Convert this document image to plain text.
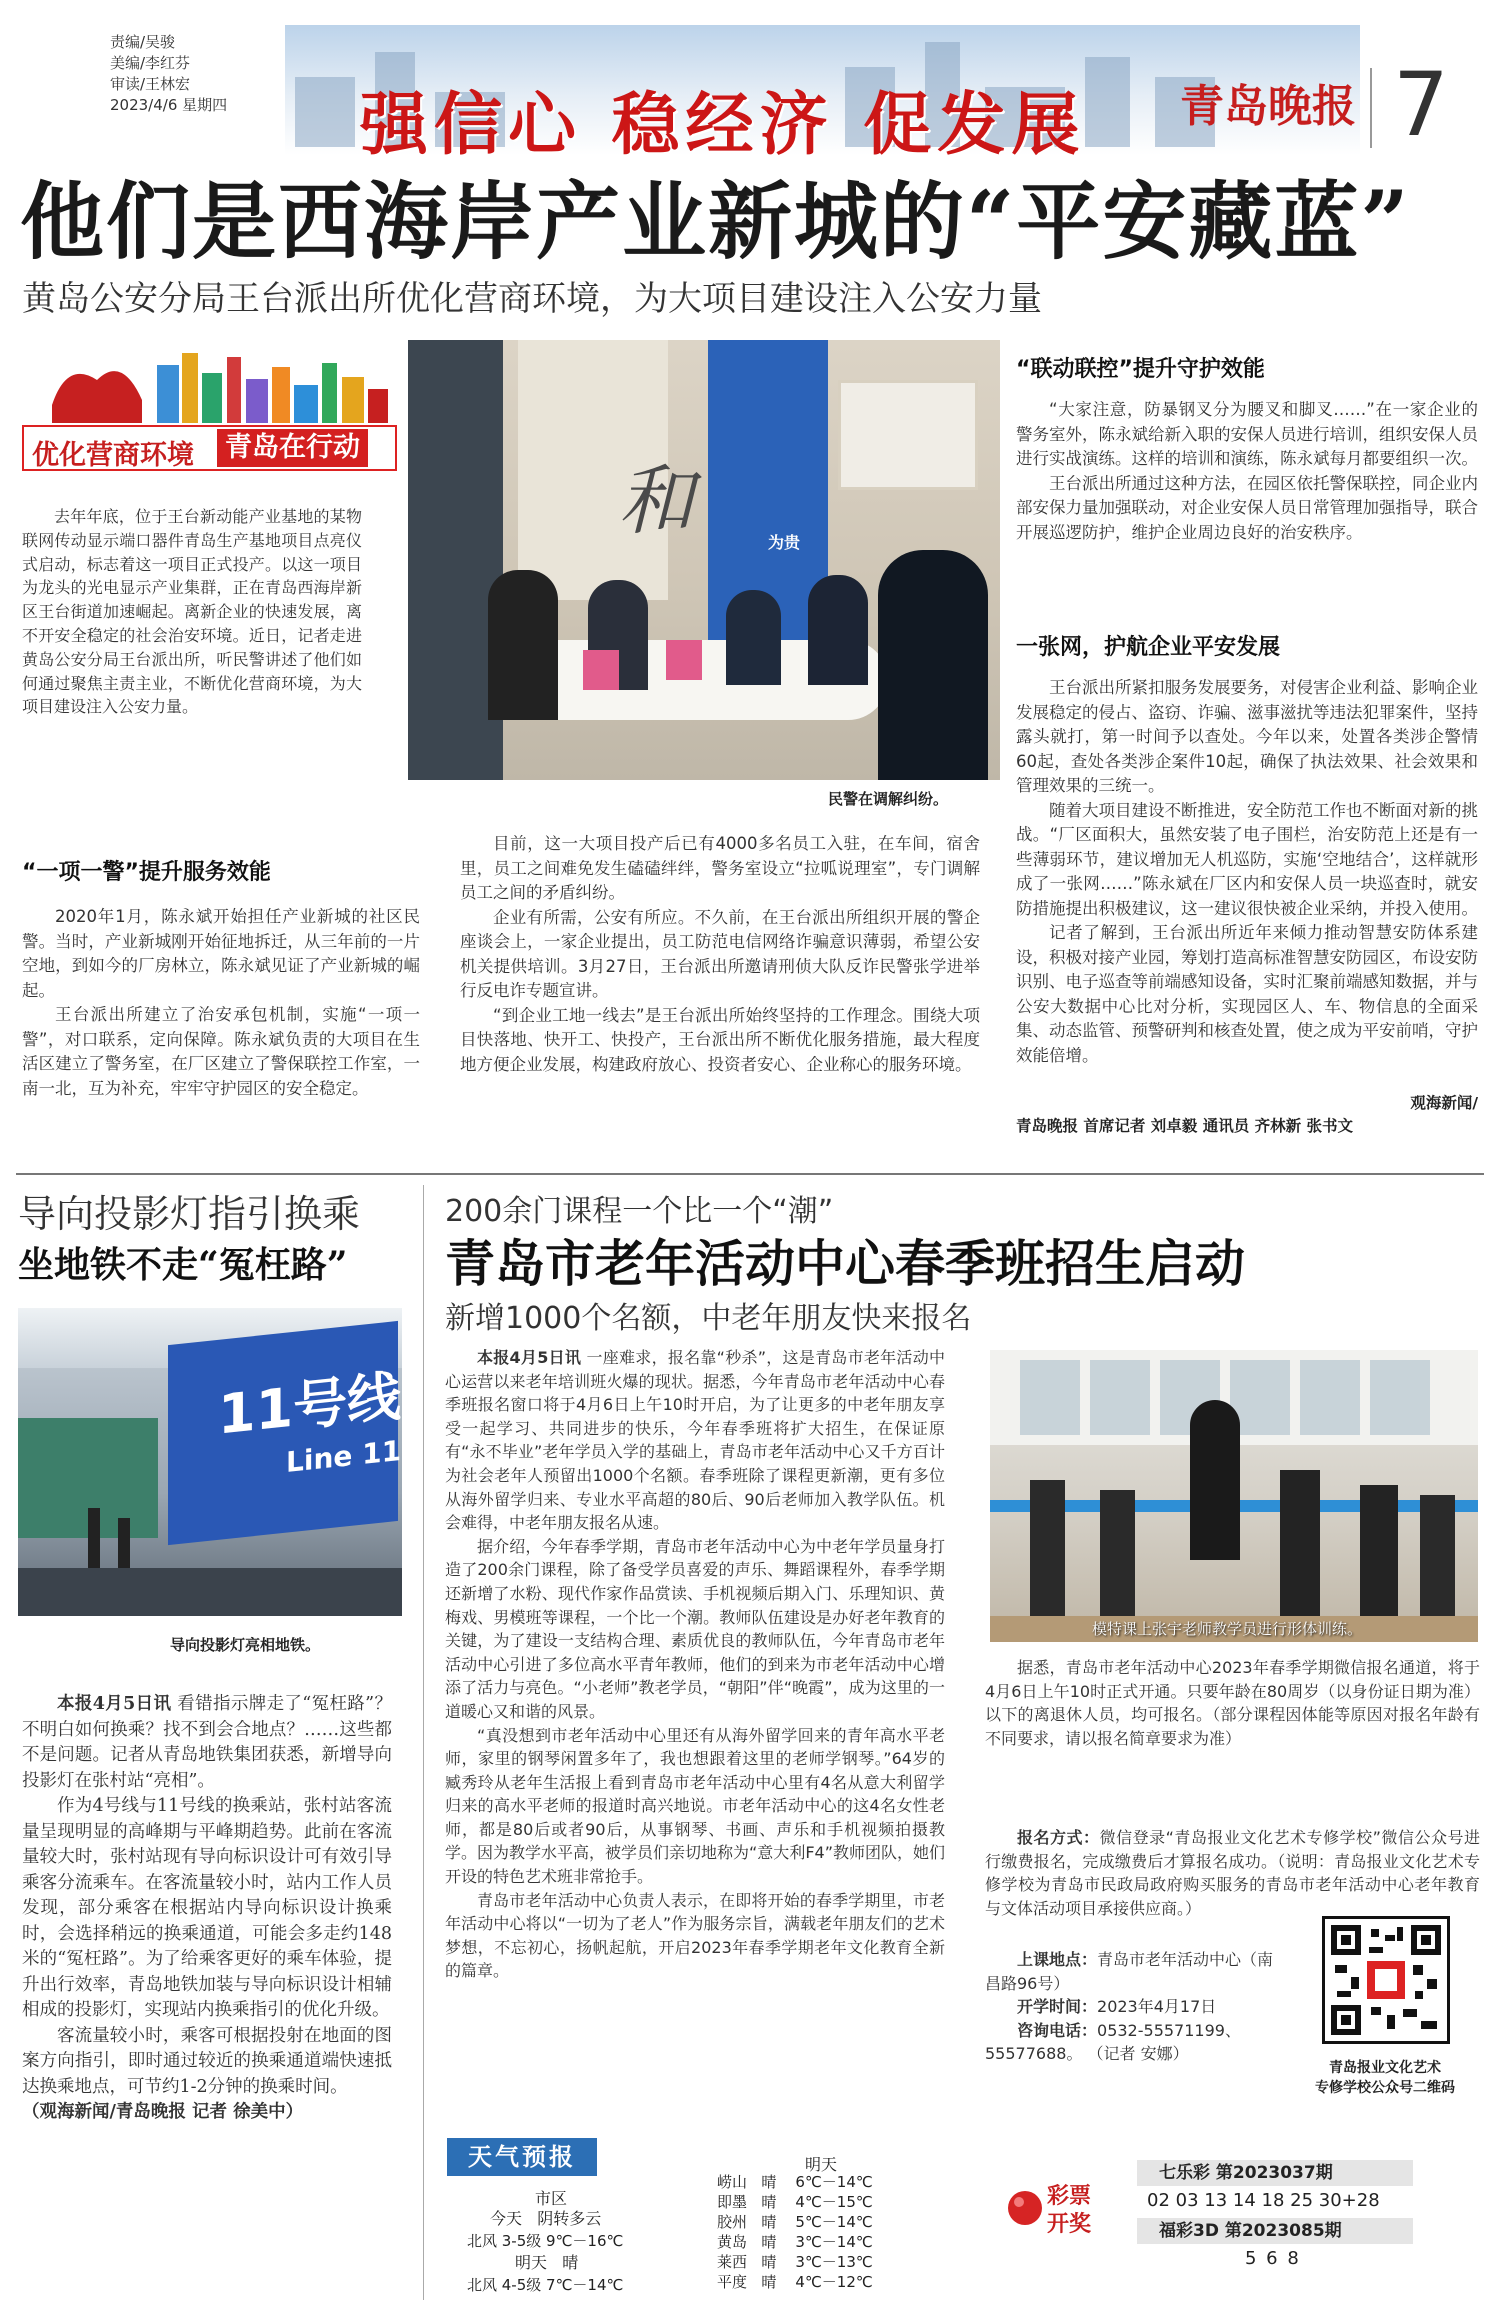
责编/吴骏
美编/李红芬
审读/王林宏
2023/4/6 星期四	强信心 稳经济 促发展 青岛晚报 7
他们是西海岸产业新城的“平安藏蓝”
黄岛公安分局王台派出所优化营商环境，为大项目建设注入公安力量
优化营商环境 青岛在行动

去年年底，位于王台新动能产业基地的某物联网传动显示端口器件青岛生产基地项目点亮仪式启动，标志着这一项目正式投产。以这一项目为龙头的光电显示产业集群，正在青岛西海岸新区王台街道加速崛起。离新企业的快速发展，离不开安全稳定的社会治安环境。近日，记者走进黄岛公安分局王台派出所，听民警讲述了他们如何通过聚焦主责主业，不断优化营商环境，为大项目建设注入公安力量。

和	为贵
民警在调解纠纷。
“一项一警”提升服务效能

2020年1月，陈永斌开始担任产业新城的社区民警。当时，产业新城刚开始征地拆迁，从三年前的一片空地，到如今的厂房林立，陈永斌见证了产业新城的崛起。

王台派出所建立了治安承包机制，实施“一项一警”，对口联系，定向保障。陈永斌负责的大项目在生活区建立了警务室，在厂区建立了警保联控工作室，一南一北，互为补充，牢牢守护园区的安全稳定。

目前，这一大项目投产后已有4000多名员工入驻，在车间，宿舍里，员工之间难免发生磕磕绊绊，警务室设立“拉呱说理室”，专门调解员工之间的矛盾纠纷。

企业有所需，公安有所应。不久前，在王台派出所组织开展的警企座谈会上，一家企业提出，员工防范电信网络诈骗意识薄弱，希望公安机关提供培训。3月27日，王台派出所邀请刑侦大队反诈民警张学进举行反电诈专题宣讲。

“到企业工地一线去”是王台派出所始终坚持的工作理念。围绕大项目快落地、快开工、快投产，王台派出所不断优化服务措施，最大程度地方便企业发展，构建政府放心、投资者安心、企业称心的服务环境。

“联动联控”提升守护效能

“大家注意，防暴钢叉分为腰叉和脚叉……”在一家企业的警务室外，陈永斌给新入职的安保人员进行培训，组织安保人员进行实战演练。这样的培训和演练，陈永斌每月都要组织一次。

王台派出所通过这种方法，在园区依托警保联控，同企业内部安保力量加强联动，对企业安保人员日常管理加强指导，联合开展巡逻防护，维护企业周边良好的治安秩序。

一张网，护航企业平安发展

王台派出所紧扣服务发展要务，对侵害企业利益、影响企业发展稳定的侵占、盗窃、诈骗、滋事滋扰等违法犯罪案件，坚持露头就打，第一时间予以查处。今年以来，处置各类涉企警情60起，查处各类涉企案件10起，确保了执法效果、社会效果和管理效果的三统一。

随着大项目建设不断推进，安全防范工作也不断面对新的挑战。“厂区面积大，虽然安装了电子围栏，治安防范上还是有一些薄弱环节，建议增加无人机巡防，实施‘空地结合’，这样就形成了一张网……”陈永斌在厂区内和安保人员一块巡查时，就安防措施提出积极建议，这一建议很快被企业采纳，并投入使用。

记者了解到，王台派出所近年来倾力推动智慧安防体系建设，积极对接产业园，筹划打造高标准智慧安防园区，布设安防识别、电子巡查等前端感知设备，实时汇聚前端感知数据，并与公安大数据中心比对分析，实现园区人、车、物信息的全面采集、动态监管、预警研判和核查处置，使之成为平安前哨，守护效能倍增。

观海新闻/
青岛晚报 首席记者 刘卓毅 通讯员 齐林新 张书文
导向投影灯指引换乘
坐地铁不走“冤枉路”
11号线
Line 11
导向投影灯亮相地铁。

本报4月5日讯 看错指示牌走了“冤枉路”？不明白如何换乘？找不到会合地点？……这些都不是问题。记者从青岛地铁集团获悉，新增导向投影灯在张村站“亮相”。

作为4号线与11号线的换乘站，张村站客流量呈现明显的高峰期与平峰期趋势。此前在客流量较大时，张村站现有导向标识设计可有效引导乘客分流乘车。在客流量较小时，站内工作人员发现，部分乘客在根据站内导向标识设计换乘时，会选择稍远的换乘通道，可能会多走约148米的“冤枉路”。为了给乘客更好的乘车体验，提升出行效率，青岛地铁加装与导向标识设计相辅相成的投影灯，实现站内换乘指引的优化升级。

客流量较小时，乘客可根据投射在地面的图案方向指引，即时通过较近的换乘通道端快速抵达换乘地点，可节约1-2分钟的换乘时间。

（观海新闻/青岛晚报 记者 徐美中）

200余门课程一个比一个“潮”
青岛市老年活动中心春季班招生启动
新增1000个名额，中老年朋友快来报名

本报4月5日讯 一座难求，报名靠“秒杀”，这是青岛市老年活动中心运营以来老年培训班火爆的现状。据悉，今年青岛市老年活动中心春季班报名窗口将于4月6日上午10时开启，为了让更多的中老年朋友享受一起学习、共同进步的快乐，今年春季班将扩大招生，在保证原有“永不毕业”老年学员入学的基础上，青岛市老年活动中心又千方百计为社会老年人预留出1000个名额。春季班除了课程更新潮，更有多位从海外留学归来、专业水平高超的80后、90后老师加入教学队伍。机会难得，中老年朋友报名从速。

据介绍，今年春季学期，青岛市老年活动中心为中老年学员量身打造了200余门课程，除了备受学员喜爱的声乐、舞蹈课程外，春季学期还新增了水粉、现代作家作品赏读、手机视频后期入门、乐理知识、黄梅戏、男模班等课程，一个比一个潮。教师队伍建设是办好老年教育的关键，为了建设一支结构合理、素质优良的教师队伍，今年青岛市老年活动中心引进了多位高水平青年教师，他们的到来为市老年活动中心增添了活力与亮色。“小老师”教老学员，“朝阳”伴“晚霞”，成为这里的一道暖心又和谐的风景。

“真没想到市老年活动中心里还有从海外留学回来的青年高水平老师，家里的钢琴闲置多年了，我也想跟着这里的老师学钢琴。”64岁的臧秀玲从老年生活报上看到青岛市老年活动中心里有4名从意大利留学归来的高水平老师的报道时高兴地说。市老年活动中心的这4名女性老师，都是80后或者90后，从事钢琴、书画、声乐和手机视频拍摄教学。因为教学水平高，被学员们亲切地称为“意大利F4”教师团队，她们开设的特色艺术班非常抢手。

青岛市老年活动中心负责人表示，在即将开始的春季学期里，市老年活动中心将以“一切为了老人”作为服务宗旨，满载老年朋友们的艺术梦想，不忘初心，扬帆起航，开启2023年春季学期老年文化教育全新的篇章。

模特课上张宇老师教学员进行形体训练。

据悉，青岛市老年活动中心2023年春季学期微信报名通道，将于4月6日上午10时正式开通。只要年龄在80周岁（以身份证日期为准）以下的离退休人员，均可报名。（部分课程因体能等原因对报名年龄有不同要求，请以报名简章要求为准）

报名方式：微信登录“青岛报业文化艺术专修学校”微信公众号进行缴费报名，完成缴费后才算报名成功。（说明：青岛报业文化艺术专修学校为青岛市民政局政府购买服务的青岛市老年活动中心老年教育与文体活动项目承接供应商。）

上课地点：青岛市老年活动中心（南昌路96号）

开学时间：2023年4月17日

咨询电话：0532-55571199、55577688。 （记者 安娜）

青岛报业文化艺术
专修学校公众号二维码
天气预报
市区
今天 阴转多云
北风 3-5级 9℃－16℃
明天 晴
北风 4-5级 7℃－14℃
明天
崂山 晴 6℃－14℃
即墨 晴 4℃－15℃
胶州 晴 5℃－14℃
黄岛 晴 3℃－14℃
莱西 晴 3℃－13℃
平度 晴 4℃－12℃
彩票
开奖
七乐彩 第2023037期
02 03 13 14 18 25 30+28
福彩3D 第2023085期
5 6 8
